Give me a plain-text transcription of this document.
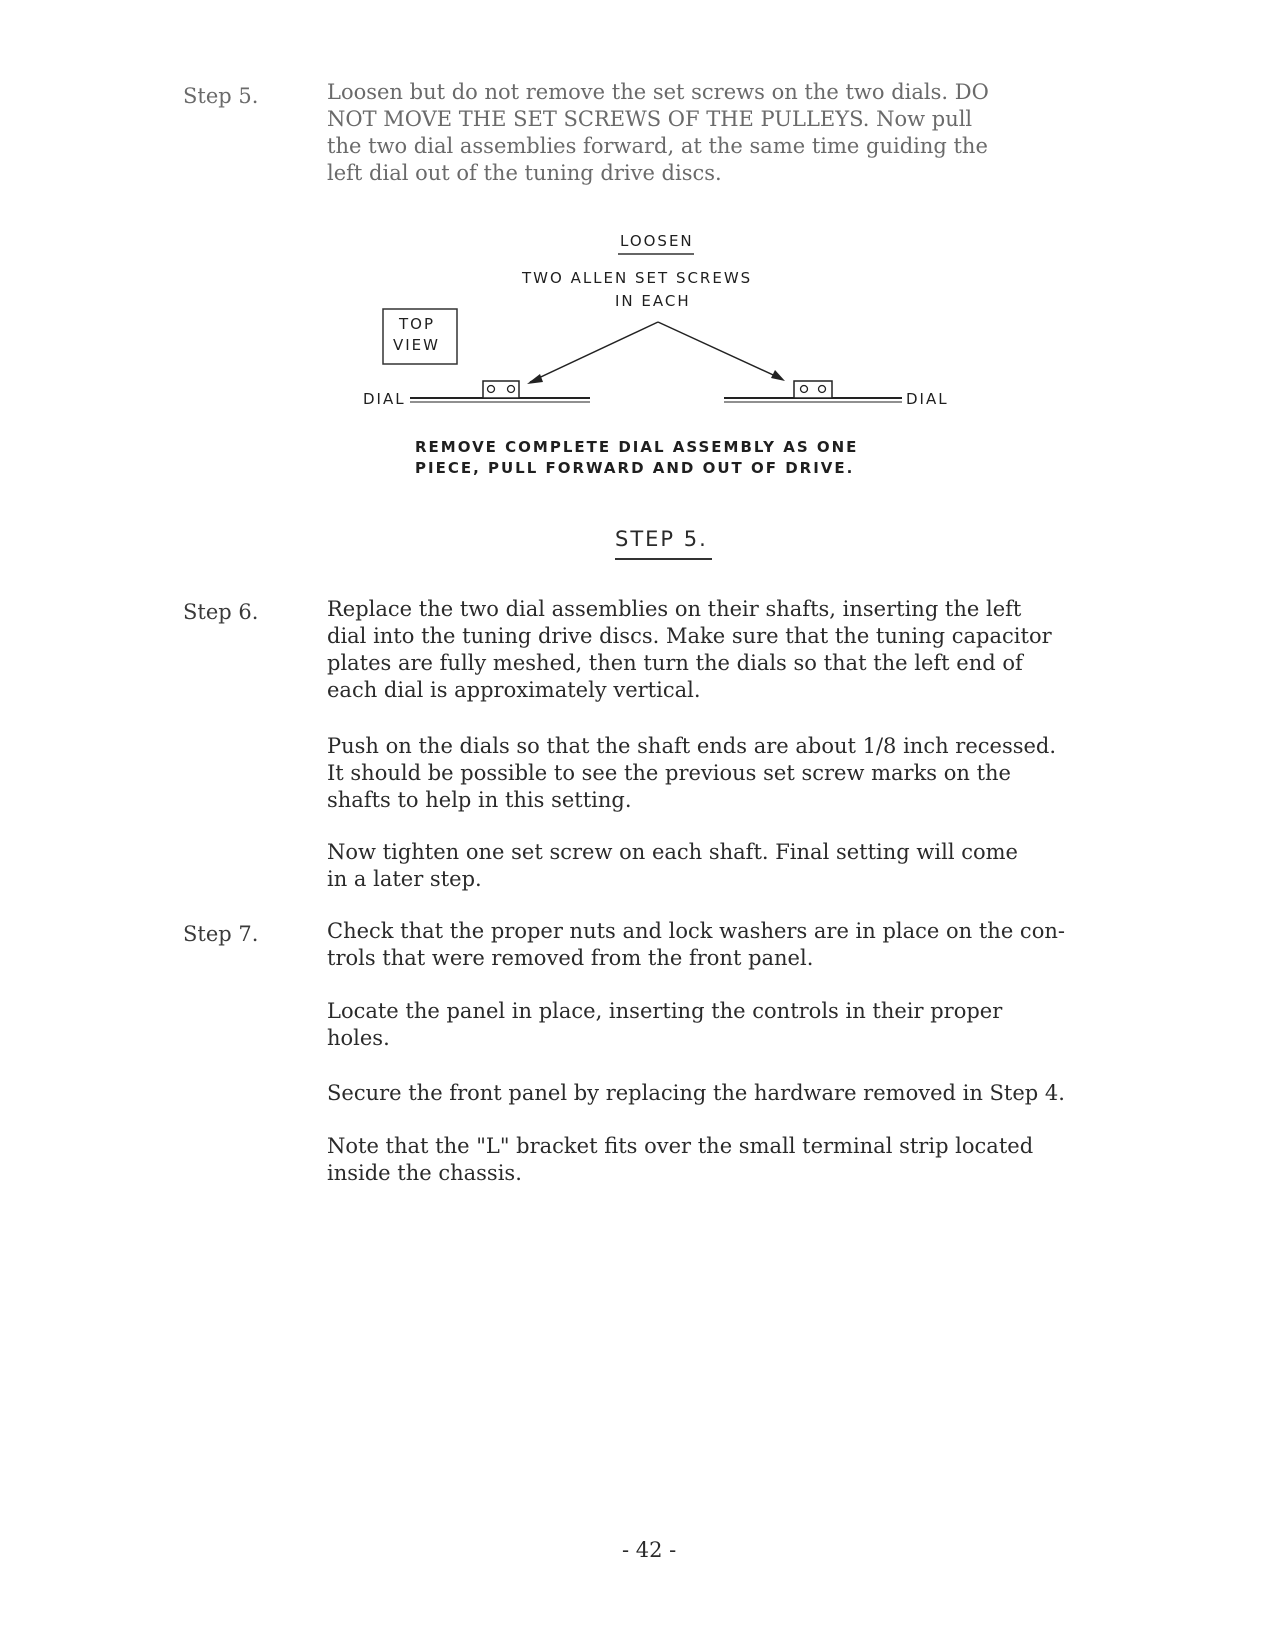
Step 5.	Loosen but do not remove the set screws on the two dials. DO
NOT MOVE THE SET SCREWS OF THE PULLEYS. Now pull
the two dial assemblies forward, at the same time guiding the
left dial out of the tuning drive discs.
LOOSEN
TWO ALLEN SET SCREWS
IN EACH
TOP
VIEW
DIAL	DIAL
REMOVE COMPLETE DIAL ASSEMBLY AS ONE
PIECE, PULL FORWARD AND OUT OF DRIVE.
STEP 5.
Step 6.	Replace the two dial assemblies on their shafts, inserting the left
dial into the tuning drive discs. Make sure that the tuning capacitor
plates are fully meshed, then turn the dials so that the left end of
each dial is approximately vertical.
Push on the dials so that the shaft ends are about 1/8 inch recessed.
It should be possible to see the previous set screw marks on the
shafts to help in this setting.
Now tighten one set screw on each shaft. Final setting will come
in a later step.
Step 7.	Check that the proper nuts and lock washers are in place on the con-
trols that were removed from the front panel.
Locate the panel in place, inserting the controls in their proper
holes.
Secure the front panel by replacing the hardware removed in Step 4.
Note that the "L" bracket fits over the small terminal strip located
inside the chassis.
- 42 -
